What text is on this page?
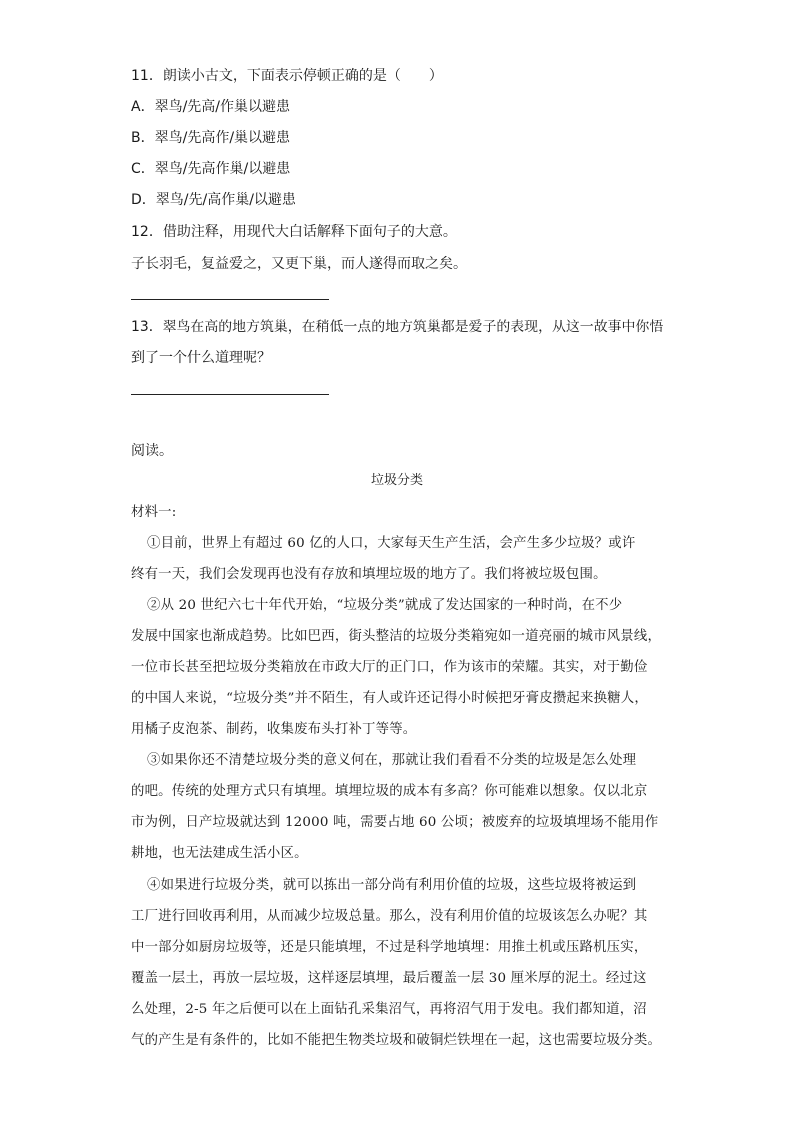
11．朗读小古文，下面表示停顿正确的是（　　）
A．翠鸟/先高/作巢以避患
B．翠鸟/先高作/巢以避患
C．翠鸟/先高作巢/以避患
D．翠鸟/先/高作巢/以避患
12．借助注释，用现代大白话解释下面句子的大意。
子长羽毛，复益爱之，又更下巢，而人遂得而取之矣。
13．翠鸟在高的地方筑巢，在稍低一点的地方筑巢都是爱子的表现，从这一故事中你悟
到了一个什么道理呢？
阅读。
垃圾分类
材料一:
①目前，世界上有超过 60 亿的人口，大家每天生产生活，会产生多少垃圾？或许
终有一天，我们会发现再也没有存放和填埋垃圾的地方了。我们将被垃圾包围。
②从 20 世纪六七十年代开始，“垃圾分类”就成了发达国家的一种时尚，在不少
发展中国家也渐成趋势。比如巴西，街头整洁的垃圾分类箱宛如一道亮丽的城市风景线，
一位市长甚至把垃圾分类箱放在市政大厅的正门口，作为该市的荣耀。其实，对于勤俭
的中国人来说，“垃圾分类”并不陌生，有人或许还记得小时候把牙膏皮攒起来换糖人，
用橘子皮泡茶、制药，收集废布头打补丁等等。
③如果你还不清楚垃圾分类的意义何在，那就让我们看看不分类的垃圾是怎么处理
的吧。传统的处理方式只有填埋。填埋垃圾的成本有多高？你可能难以想象。仅以北京
市为例，日产垃圾就达到 12000 吨，需要占地 60 公顷；被废弃的垃圾填埋场不能用作
耕地，也无法建成生活小区。
④如果进行垃圾分类，就可以拣出一部分尚有利用价值的垃圾，这些垃圾将被运到
工厂进行回收再利用，从而减少垃圾总量。那么，没有利用价值的垃圾该怎么办呢？其
中一部分如厨房垃圾等，还是只能填埋，不过是科学地填埋：用推土机或压路机压实，
覆盖一层土，再放一层垃圾，这样逐层填埋，最后覆盖一层 30 厘米厚的泥土。经过这
么处理，2-5 年之后便可以在上面钻孔采集沼气，再将沼气用于发电。我们都知道，沼
气的产生是有条件的，比如不能把生物类垃圾和破铜烂铁埋在一起，这也需要垃圾分类。
